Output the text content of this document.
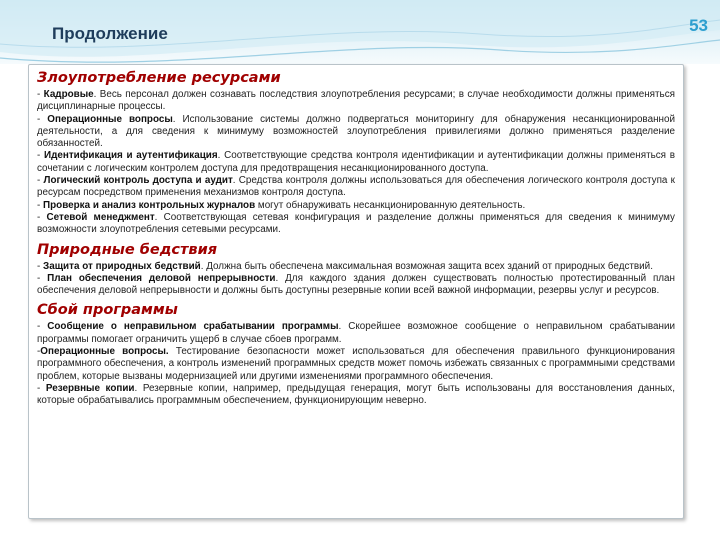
Продолжение	53
Злоупотребление ресурсами

- Кадровые. Весь персонал должен сознавать последствия злоупотребления ресурсами; в случае необходимости должны применяться дисциплинарные процессы.

- Операционные вопросы. Использование системы должно подвергаться мониторингу для обнаружения несанкционированной деятельности, а для сведения к минимуму возможностей злоупотребления привилегиями должно применяться разделение обязанностей.

- Идентификация и аутентификация. Соответствующие средства контроля идентификации и аутентификации должны применяться в сочетании с логическим контролем доступа для предотвращения несанкционированного доступа.

- Логический контроль доступа и аудит. Средства контроля должны использоваться для обеспечения логического контроля доступа к ресурсам посредством применения механизмов контроля доступа.

- Проверка и анализ контрольных журналов могут обнаруживать несанкционированную деятельность.

- Сетевой менеджмент. Соответствующая сетевая конфигурация и разделение должны применяться для сведения к минимуму возможности злоупотребления сетевыми ресурсами.

Природные бедствия

- Защита от природных бедствий. Должна быть обеспечена максимальная возможная защита всех зданий от природных бедствий.

- План обеспечения деловой непрерывности. Для каждого здания должен существовать полностью протестированный план обеспечения деловой непрерывности и должны быть доступны резервные копии всей важной информации, резервы услуг и ресурсов.

Сбой программы

- Сообщение о неправильном срабатывании программы. Скорейшее возможное сообщение о неправильном срабатывании программы помогает ограничить ущерб в случае сбоев программ.

-Операционные вопросы. Тестирование безопасности может использоваться для обеспечения правильного функционирования программного обеспечения, а контроль изменений программных средств может помочь избежать связанных с программными средствами проблем, которые вызваны модернизацией или другими изменениями программного обеспечения.

- Резервные копии. Резервные копии, например, предыдущая генерация, могут быть использованы для восстановления данных, которые обрабатывались программным обеспечением, функционирующим неверно.
